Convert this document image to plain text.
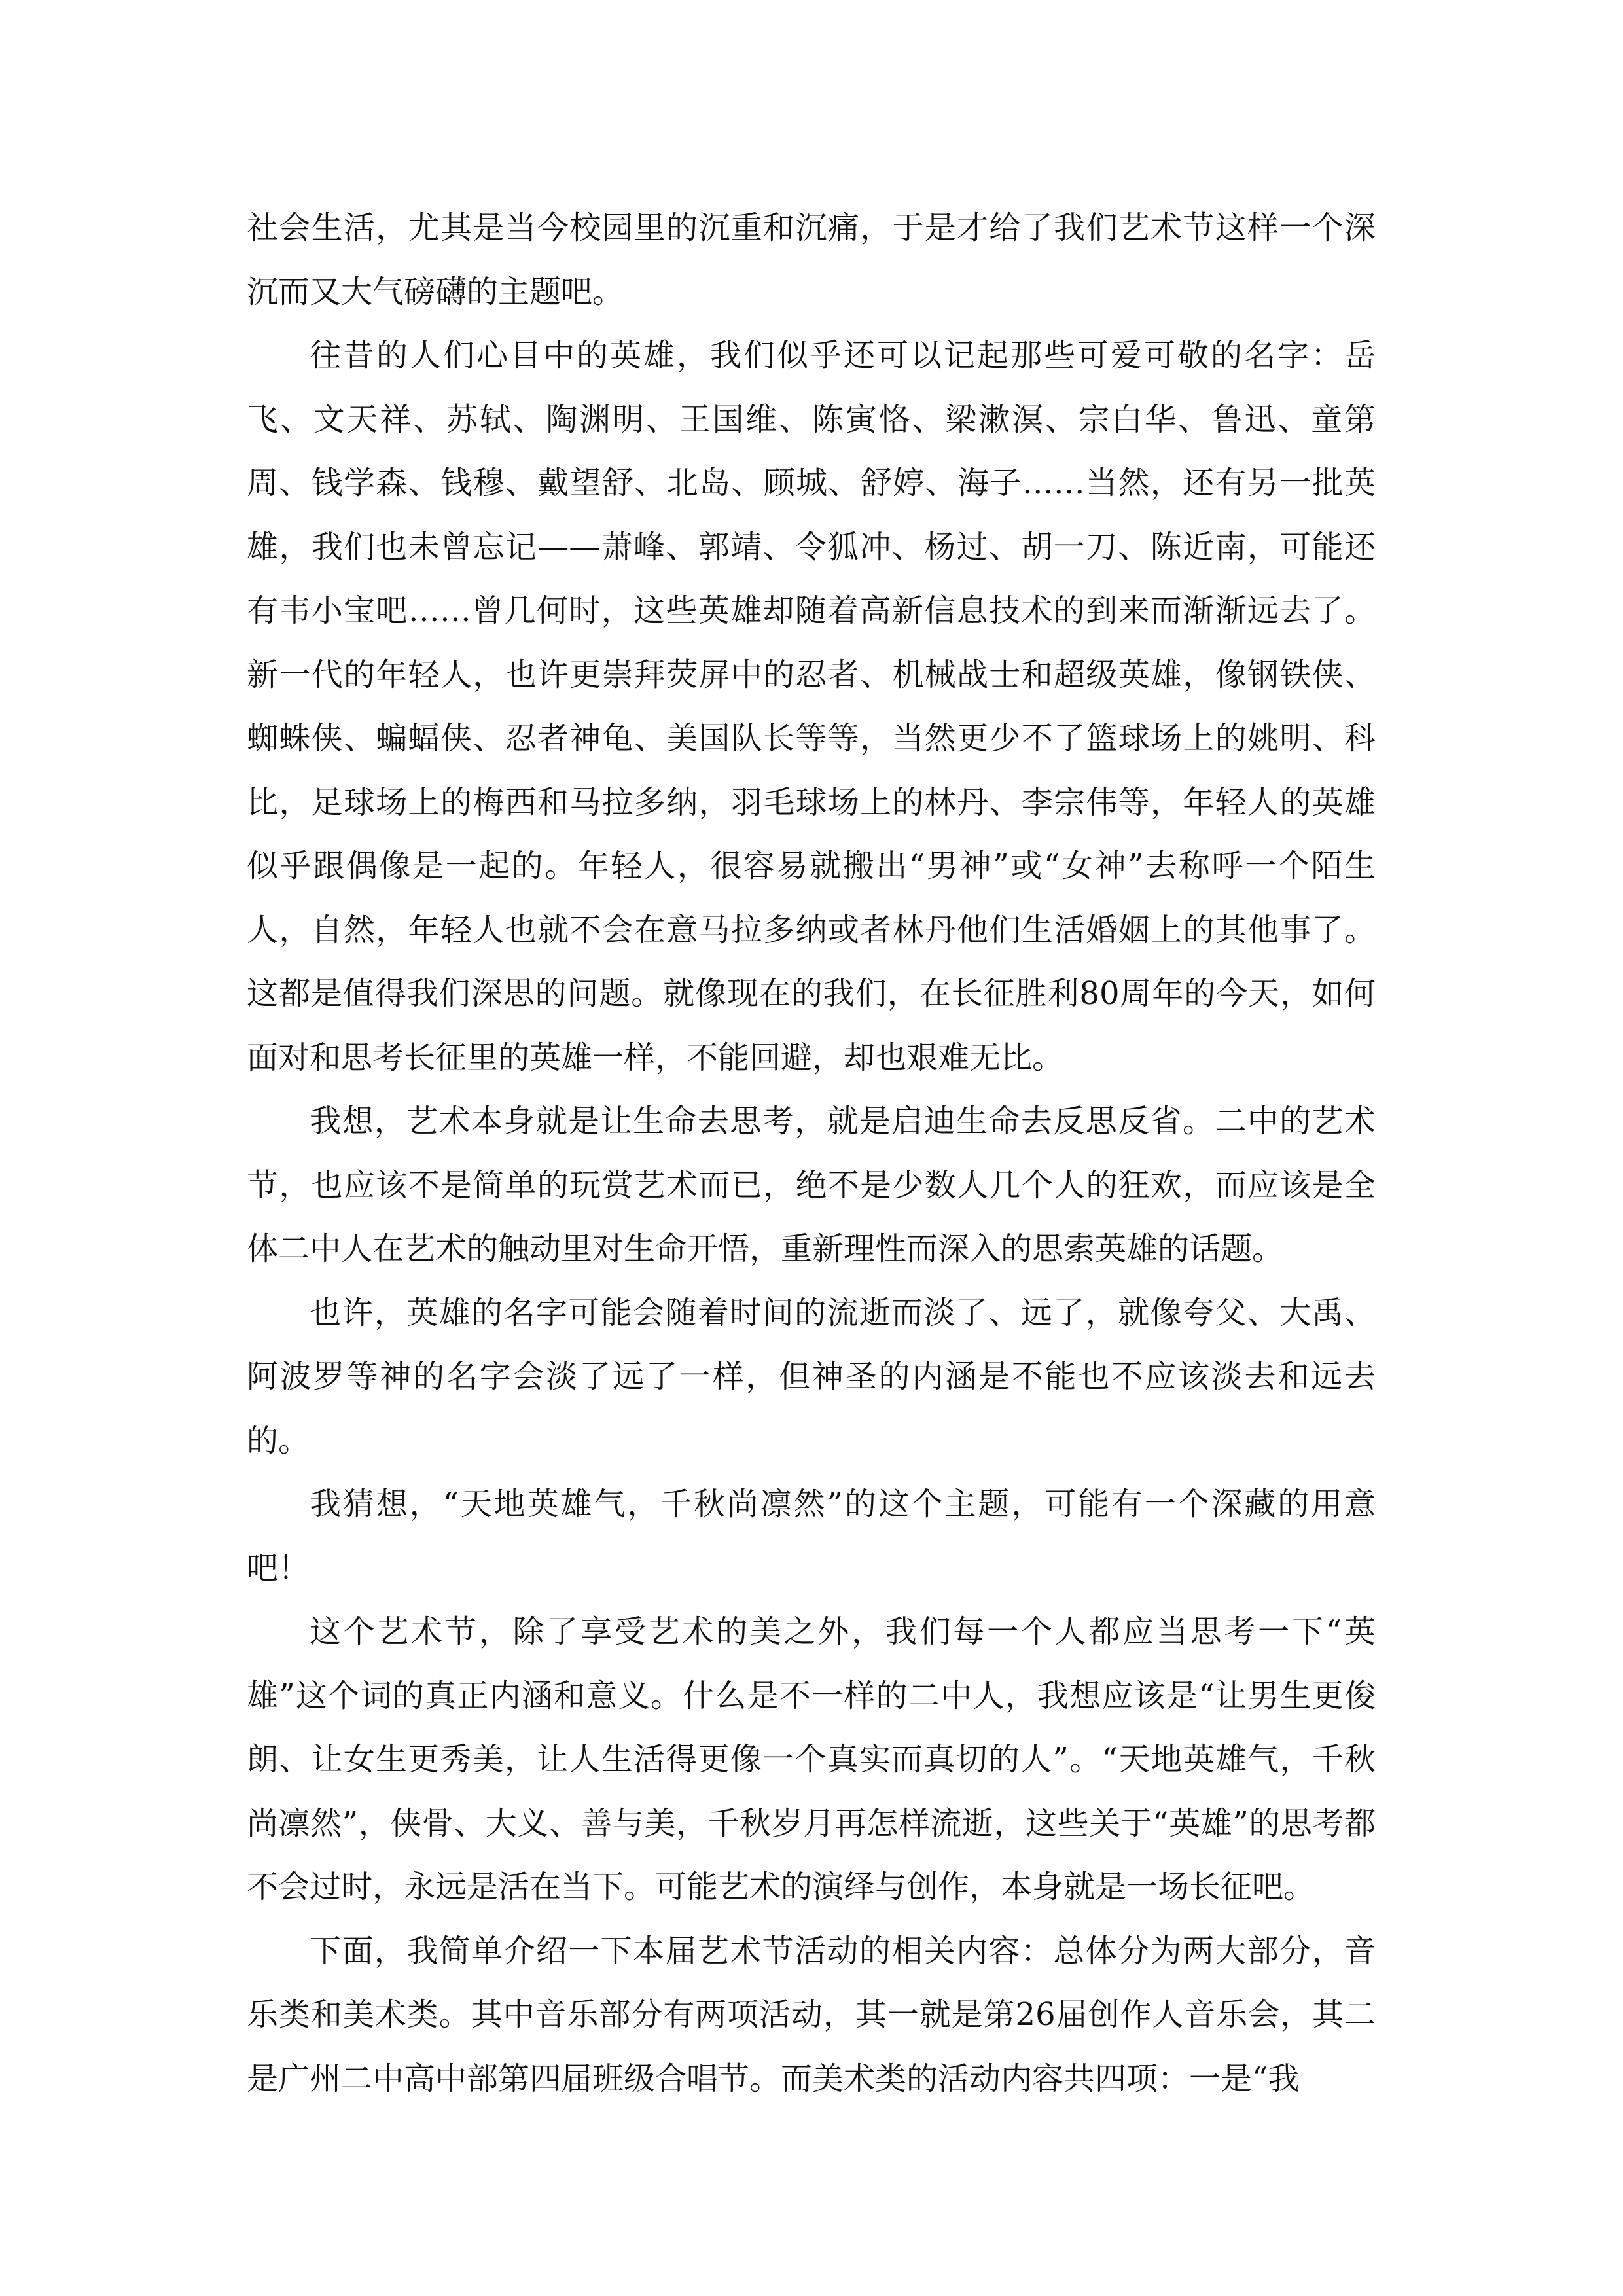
社会生活，尤其是当今校园里的沉重和沉痛，于是才给了我们艺术节这样一个深沉而又大气磅礴的主题吧。

往昔的人们心目中的英雄，我们似乎还可以记起那些可爱可敬的名字：岳飞、文天祥、苏轼、陶渊明、王国维、陈寅恪、梁漱溟、宗白华、鲁迅、童第周、钱学森、钱穆、戴望舒、北岛、顾城、舒婷、海子……当然，还有另一批英雄，我们也未曾忘记——萧峰、郭靖、令狐冲、杨过、胡一刀、陈近南，可能还有韦小宝吧……曾几何时，这些英雄却随着高新信息技术的到来而渐渐远去了。新一代的年轻人，也许更崇拜荧屏中的忍者、机械战士和超级英雄，像钢铁侠、蜘蛛侠、蝙蝠侠、忍者神龟、美国队长等等，当然更少不了篮球场上的姚明、科比，足球场上的梅西和马拉多纳，羽毛球场上的林丹、李宗伟等，年轻人的英雄似乎跟偶像是一起的。年轻人，很容易就搬出“男神”或“女神”去称呼一个陌生人，自然，年轻人也就不会在意马拉多纳或者林丹他们生活婚姻上的其他事了。这都是值得我们深思的问题。就像现在的我们，在长征胜利80周年的今天，如何面对和思考长征里的英雄一样，不能回避，却也艰难无比。

我想，艺术本身就是让生命去思考，就是启迪生命去反思反省。二中的艺术节，也应该不是简单的玩赏艺术而已，绝不是少数人几个人的狂欢，而应该是全体二中人在艺术的触动里对生命开悟，重新理性而深入的思索英雄的话题。

也许，英雄的名字可能会随着时间的流逝而淡了、远了，就像夸父、大禹、阿波罗等神的名字会淡了远了一样，但神圣的内涵是不能也不应该淡去和远去的。

我猜想，“天地英雄气，千秋尚凛然”的这个主题，可能有一个深藏的用意吧！

这个艺术节，除了享受艺术的美之外，我们每一个人都应当思考一下“英雄”这个词的真正内涵和意义。什么是不一样的二中人，我想应该是“让男生更俊朗、让女生更秀美，让人生活得更像一个真实而真切的人”。“天地英雄气，千秋尚凛然”，侠骨、大义、善与美，千秋岁月再怎样流逝，这些关于“英雄”的思考都不会过时，永远是活在当下。可能艺术的演绎与创作，本身就是一场长征吧。

下面，我简单介绍一下本届艺术节活动的相关内容：总体分为两大部分，音乐类和美术类。其中音乐部分有两项活动，其一就是第26届创作人音乐会，其二是广州二中高中部第四届班级合唱节。而美术类的活动内容共四项：一是“我
